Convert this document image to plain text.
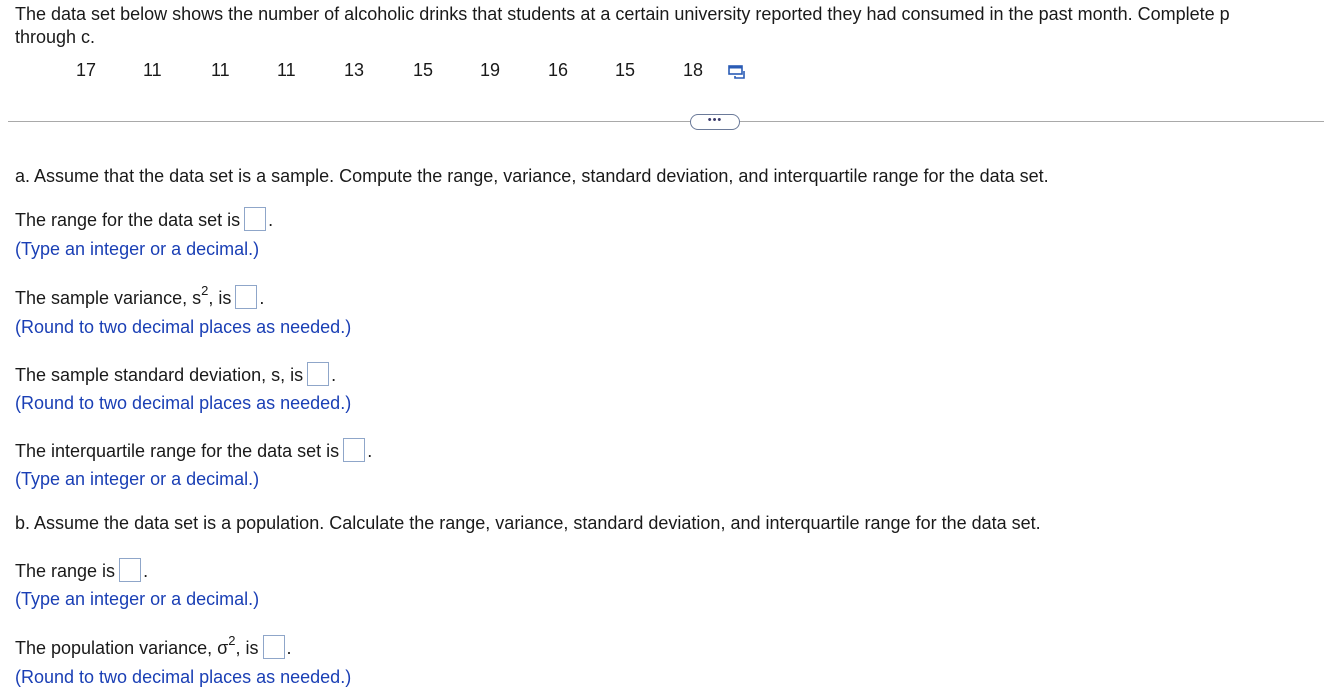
The data set below shows the number of alcoholic drinks that students at a certain university reported they had consumed in the past month. Complete p
through c.
17	11	11	11	13	15	19	16	15	18
•••
a. Assume that the data set is a sample. Compute the range, variance, standard deviation, and interquartile range for the data set.
The range for the data set is .
(Type an integer or a decimal.)
The sample variance, $s^2$, is .
(Round to two decimal places as needed.)
The sample standard deviation, s, is .
(Round to two decimal places as needed.)
The interquartile range for the data set is .
(Type an integer or a decimal.)
b. Assume the data set is a population. Calculate the range, variance, standard deviation, and interquartile range for the data set.
The range is .
(Type an integer or a decimal.)
The population variance, $\sigma^2$, is .
(Round to two decimal places as needed.)
